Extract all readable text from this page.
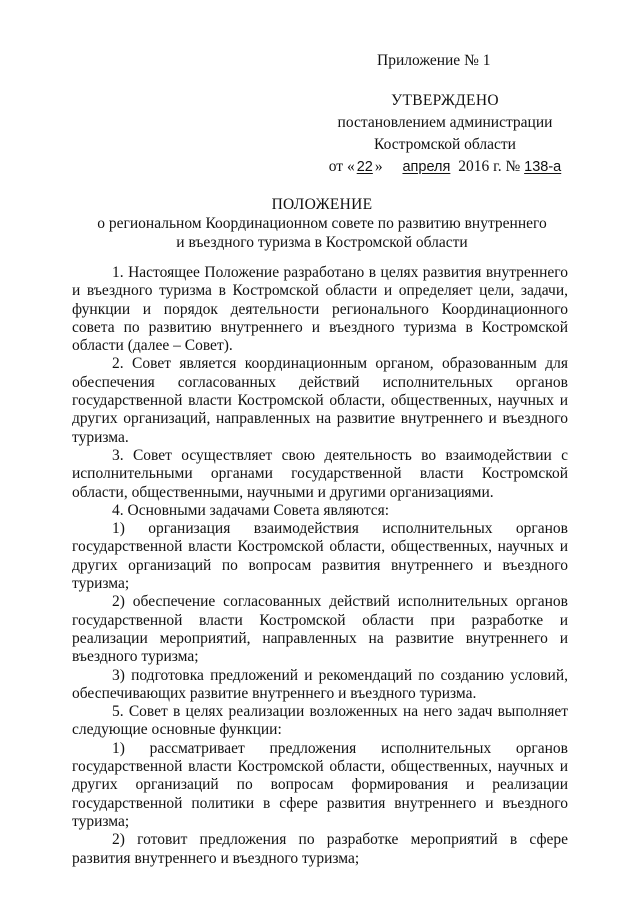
Приложение № 1
УТВЕРЖДЕНО
постановлением администрации
Костромской области
от « 22 » апреля 2016 г. № 138-а
ПОЛОЖЕНИЕ
о региональном Координационном совете по развитию внутреннего
и въездного туризма в Костромской области

1. Настоящее Положение разработано в целях развития внутреннего и въездного туризма в Костромской области и определяет цели, задачи, функции и порядок деятельности регионального Координационного совета по развитию внутреннего и въездного туризма в Костромской области (далее – Совет).

2. Совет является координационным органом, образованным для обеспечения согласованных действий исполнительных органов государственной власти Костромской области, общественных, научных и других организаций, направленных на развитие внутреннего и въездного туризма.

3. Совет осуществляет свою деятельность во взаимодействии с исполнительными органами государственной власти Костромской области, общественными, научными и другими организациями.

4. Основными задачами Совета являются:

1) организация взаимодействия исполнительных органов государственной власти Костромской области, общественных, научных и других организаций по вопросам развития внутреннего и въездного туризма;

2) обеспечение согласованных действий исполнительных органов государственной власти Костромской области при разработке и реализации мероприятий, направленных на развитие внутреннего и въездного туризма;

3) подготовка предложений и рекомендаций по созданию условий, обеспечивающих развитие внутреннего и въездного туризма.

5. Совет в целях реализации возложенных на него задач выполняет следующие основные функции:

1) рассматривает предложения исполнительных органов государственной власти Костромской области, общественных, научных и других организаций по вопросам формирования и реализации государственной политики в сфере развития внутреннего и въездного туризма;

2) готовит предложения по разработке мероприятий в сфере развития внутреннего и въездного туризма;
